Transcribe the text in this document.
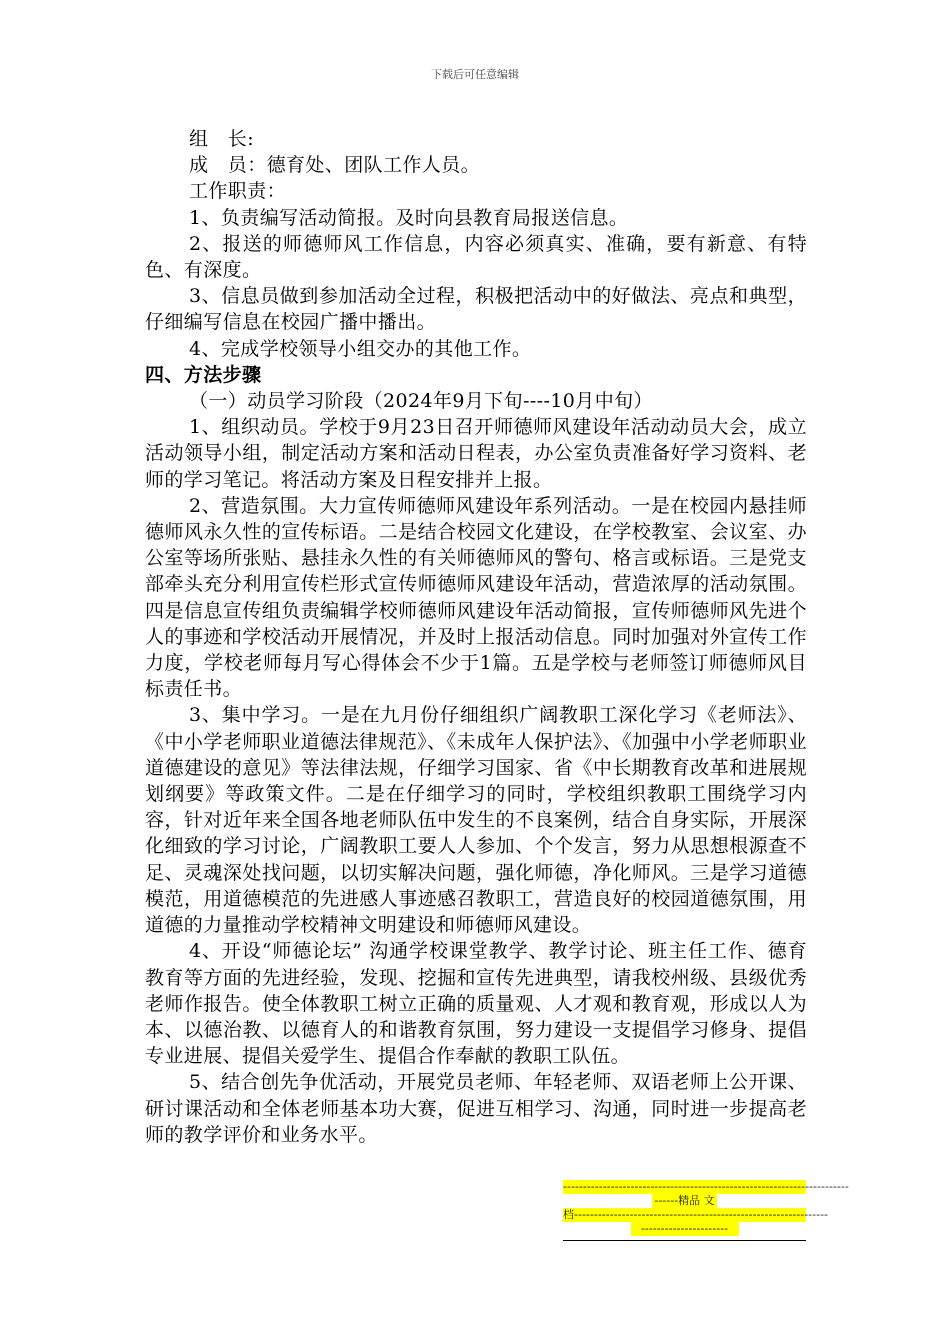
下载后可任意编辑

组　长:

成　员：德育处、团队工作人员。

工作职责：

1、负责编写活动简报。及时向县教育局报送信息。

2、报送的师德师风工作信息，内容必须真实、准确，要有新意、有特色、有深度。

3、信息员做到参加活动全过程，积极把活动中的好做法、亮点和典型，仔细编写信息在校园广播中播出。

4、完成学校领导小组交办的其他工作。

四、方法步骤

（一）动员学习阶段（2024年9月下旬----10月中旬）

1、组织动员。学校于9月23日召开师德师风建设年活动动员大会，成立活动领导小组，制定活动方案和活动日程表，办公室负责准备好学习资料、老师的学习笔记。将活动方案及日程安排并上报。

2、营造氛围。大力宣传师德师风建设年系列活动。一是在校园内悬挂师德师风永久性的宣传标语。二是结合校园文化建设，在学校教室、会议室、办公室等场所张贴、悬挂永久性的有关师德师风的警句、格言或标语。三是党支部牵头充分利用宣传栏形式宣传师德师风建设年活动，营造浓厚的活动氛围。四是信息宣传组负责编辑学校师德师风建设年活动简报，宣传师德师风先进个人的事迹和学校活动开展情况，并及时上报活动信息。同时加强对外宣传工作力度，学校老师每月写心得体会不少于1篇。五是学校与老师签订师德师风目标责任书。

3、集中学习。一是在九月份仔细组织广阔教职工深化学习《老师法》、《中小学老师职业道德法律规范》、《未成年人保护法》、《加强中小学老师职业道德建设的意见》等法律法规，仔细学习国家、省《中长期教育改革和进展规划纲要》等政策文件。二是在仔细学习的同时，学校组织教职工围绕学习内容，针对近年来全国各地老师队伍中发生的不良案例，结合自身实际，开展深化细致的学习讨论，广阔教职工要人人参加、个个发言，努力从思想根源查不足、灵魂深处找问题，以切实解决问题，强化师德，净化师风。三是学习道德模范，用道德模范的先进感人事迹感召教职工，营造良好的校园道德氛围，用道德的力量推动学校精神文明建设和师德师风建设。

4、开设“师德论坛” 沟通学校课堂教学、教学讨论、班主任工作、德育教育等方面的先进经验，发现、挖掘和宣传先进典型，请我校州级、县级优秀老师作报告。使全体教职工树立正确的质量观、人才观和教育观，形成以人为本、以德治教、以德育人的和谐教育氛围，努力建设一支提倡学习修身、提倡专业进展、提倡关爱学生、提倡合作奉献的教职工队伍。

5、结合创先争优活动，开展党员老师、年轻老师、双语老师上公开课、研讨课活动和全体老师基本功大赛，促进互相学习、沟通，同时进一步提高老师的教学评价和业务水平。

------------------------------------------------------------------------
------精品 文
档----------------------------------------------------------------
----------------------
